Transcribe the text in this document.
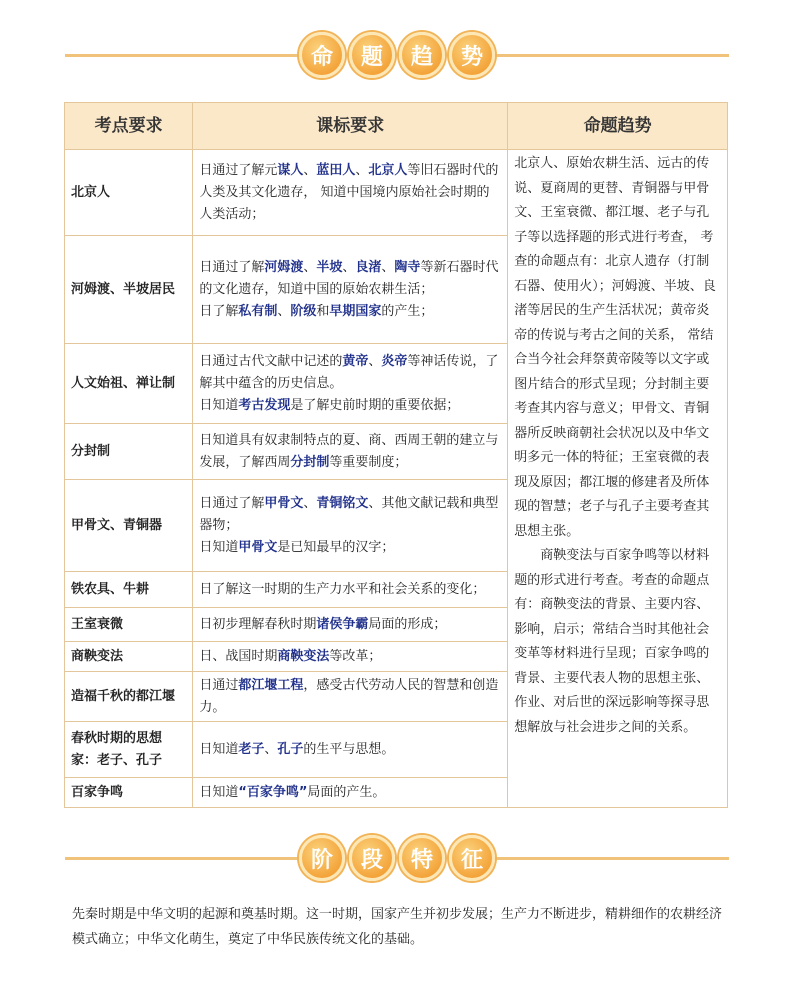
命	题	趋	势
考点要求	课标要求	命题趋势
北京人	日通过了解元谋人、蓝田人、北京人等旧石器时代的人类及其文化遗存， 知道中国境内原始社会时期的人类活动；	北京人、原始农耕生活、远古的传说、夏商周的更替、青铜器与甲骨文、王室衰微、都江堰、老子与孔子等以选择题的形式进行考查， 考查的命题点有：北京人遗存（打制石器、使用火）；河姆渡、半坡、良渚等居民的生产生活状况；黄帝炎帝的传说与考古之间的关系， 常结合当今社会拜祭黄帝陵等以文字或图片结合的形式呈现；分封制主要考查其内容与意义；甲骨文、青铜器所反映商朝社会状况以及中华文明多元一体的特征；王室衰微的表现及原因；都江堰的修建者及所体现的智慧；老子与孔子主要考查其思想主张。

商鞅变法与百家争鸣等以材料题的形式进行考查。考查的命题点有：商鞅变法的背景、主要内容、影响，启示；常结合当时其他社会变革等材料进行呈现；百家争鸣的背景、主要代表人物的思想主张、作业、对后世的深远影响等探寻思想解放与社会进步之间的关系。

河姆渡、半坡居民	日通过了解河姆渡、半坡、良渚、陶寺等新石器时代的文化遗存，知道中国的原始农耕生活；
日了解私有制、阶级和早期国家的产生；	
人文始祖、禅让制	日通过古代文献中记述的黄帝、炎帝等神话传说，了解其中蕴含的历史信息。
日知道考古发现是了解史前时期的重要依据；	
分封制	日知道具有奴隶制特点的夏、商、西周王朝的建立与发展，了解西周分封制等重要制度；	
甲骨文、青铜器	日通过了解甲骨文、青铜铭文、其他文献记载和典型器物；
日知道甲骨文是已知最早的汉字；	
铁农具、牛耕	日了解这一时期的生产力水平和社会关系的变化；	
王室衰微	日初步理解春秋时期诸侯争霸局面的形成；	
商鞅变法	日、战国时期商鞅变法等改革；	
造福千秋的都江堰	日通过都江堰工程，感受古代劳动人民的智慧和创造力。	
春秋时期的思想家：老子、孔子	日知道老子、孔子的生平与思想。	
百家争鸣	日知道“百家争鸣”局面的产生。	
阶	段	特	征

先秦时期是中华文明的起源和奠基时期。这一时期，国家产生并初步发展；生产力不断进步，精耕细作的农耕经济模式确立；中华文化萌生，奠定了中华民族传统文化的基础。
